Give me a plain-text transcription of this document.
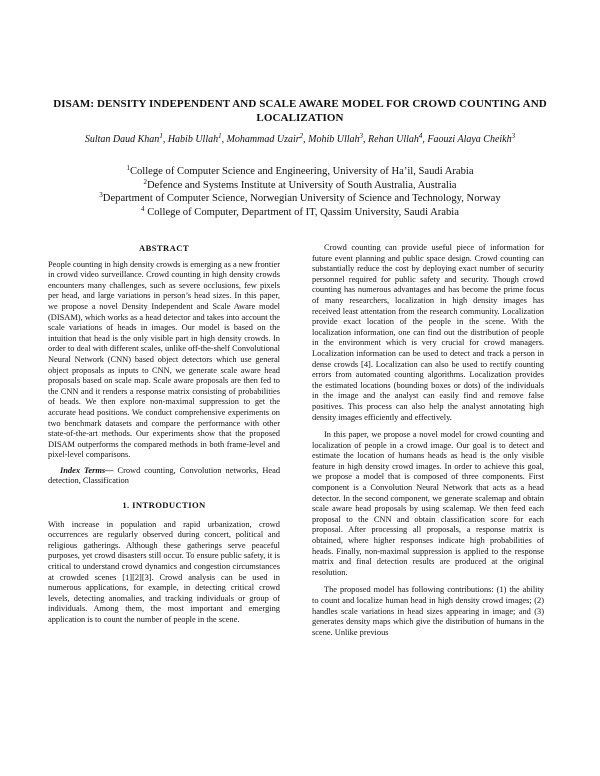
DISAM: DENSITY INDEPENDENT AND SCALE AWARE MODEL FOR CROWD COUNTING AND LOCALIZATION
Sultan Daud Khan$^1$, Habib Ullah$^1$, Mohammad Uzair$^2$, Mohib Ullah$^3$, Rehan Ullah$^4$, Faouzi Alaya Cheikh$^3$
$^1$College of Computer Science and Engineering, University of Ha’il, Saudi Arabia
$^2$Defence and Systems Institute at University of South Australia, Australia
$^3$Department of Computer Science, Norwegian University of Science and Technology, Norway
$^4$ College of Computer, Department of IT, Qassim University, Saudi Arabia
ABSTRACT

People counting in high density crowds is emerging as a new frontier in crowd video surveillance. Crowd counting in high density crowds encounters many challenges, such as severe occlusions, few pixels per head, and large variations in person’s head sizes. In this paper, we propose a novel Density Independent and Scale Aware model (DISAM), which works as a head detector and takes into account the scale variations of heads in images. Our model is based on the intuition that head is the only visible part in high density crowds. In order to deal with different scales, unlike off-the-shelf Convolutional Neural Network (CNN) based object detectors which use general object proposals as inputs to CNN, we generate scale aware head proposals based on scale map. Scale aware proposals are then fed to the CNN and it renders a response matrix consisting of probabilities of heads. We then explore non-maximal suppression to get the accurate head positions. We conduct comprehensive experiments on two benchmark datasets and compare the performance with other state-of-the-art methods. Our experiments show that the proposed DISAM outperforms the compared methods in both frame-level and pixel-level comparisons.

Index Terms— Crowd counting, Convolution networks, Head detection, Classification

1. INTRODUCTION

With increase in population and rapid urbanization, crowd occurrences are regularly observed during concert, political and religious gatherings. Although these gatherings serve peaceful purposes, yet crowd disasters still occur. To ensure public safety, it is critical to understand crowd dynamics and congestion circumstances at crowded scenes [1][2][3]. Crowd analysis can be used in numerous applications, for example, in detecting critical crowd levels, detecting anomalies, and tracking individuals or group of individuals. Among them, the most important and emerging application is to count the number of people in the scene.

Crowd counting can provide useful piece of information for future event planning and public space design. Crowd counting can substantially reduce the cost by deploying exact number of security personnel required for public safety and security. Though crowd counting has numerous advantages and has become the prime focus of many researchers, localization in high density images has received least attentation from the research community. Localization provide exact location of the people in the scene. With the localization information, one can find out the distribution of people in the environment which is very crucial for crowd managers. Localization information can be used to detect and track a person in dense crowds [4]. Localization can also be used to rectify counting errors from automated counting algorithms. Localization provides the estimated locations (bounding boxes or dots) of the individuals in the image and the analyst can easily find and remove false positives. This process can also help the analyst annotating high density images efficiently and effectively.

In this paper, we propose a novel model for crowd counting and localization of people in a crowd image. Our goal is to detect and estimate the location of humans heads as head is the only visible feature in high density crowd images. In order to achieve this goal, we propose a model that is composed of three components. First component is a Convolution Neural Network that acts as a head detector. In the second component, we generate scalemap and obtain scale aware head proposals by using scalemap. We then feed each proposal to the CNN and obtain classification score for each proposal. After processing all proposals, a response matrix is obtained, where higher responses indicate high probabilities of heads. Finally, non-maximal suppression is applied to the response matrix and final detection results are produced at the original resolution.

The proposed model has following contributions: (1) the ability to count and localize human head in high density crowd images; (2) handles scale variations in head sizes appearing in image; and (3) generates density maps which give the distribution of humans in the scene. Unlike previous
